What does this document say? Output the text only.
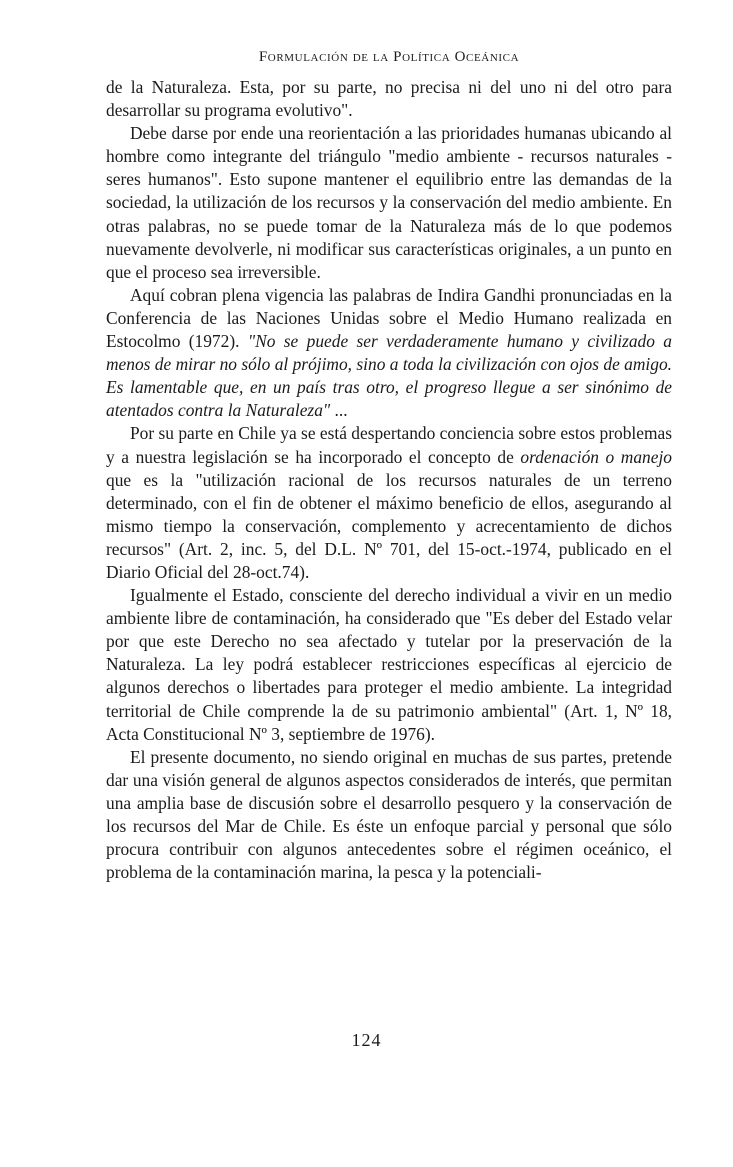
Formulación de la Política Oceánica

de la Naturaleza. Esta, por su parte, no precisa ni del uno ni del otro para desarrollar su programa evolutivo".

Debe darse por ende una reorientación a las prioridades humanas ubicando al hombre como integrante del triángulo "medio ambiente - recursos naturales - seres humanos". Esto supone mantener el equilibrio entre las demandas de la sociedad, la utilización de los recursos y la conservación del medio ambiente. En otras palabras, no se puede tomar de la Naturaleza más de lo que podemos nuevamente devolverle, ni modificar sus características originales, a un punto en que el proceso sea irreversible.

Aquí cobran plena vigencia las palabras de Indira Gandhi pronunciadas en la Conferencia de las Naciones Unidas sobre el Medio Humano realizada en Estocolmo (1972). "No se puede ser verdaderamente humano y civilizado a menos de mirar no sólo al prójimo, sino a toda la civilización con ojos de amigo. Es lamentable que, en un país tras otro, el progreso llegue a ser sinónimo de atentados contra la Naturaleza" ...

Por su parte en Chile ya se está despertando conciencia sobre estos problemas y a nuestra legislación se ha incorporado el concepto de ordenación o manejo que es la "utilización racional de los recursos naturales de un terreno determinado, con el fin de obtener el máximo beneficio de ellos, asegurando al mismo tiempo la conservación, complemento y acrecentamiento de dichos recursos" (Art. 2, inc. 5, del D.L. Nº 701, del 15-oct.-1974, publicado en el Diario Oficial del 28-oct.74).

Igualmente el Estado, consciente del derecho individual a vivir en un medio ambiente libre de contaminación, ha considerado que "Es deber del Estado velar por que este Derecho no sea afectado y tutelar por la preservación de la Naturaleza. La ley podrá establecer restricciones específicas al ejercicio de algunos derechos o libertades para proteger el medio ambiente. La integridad territorial de Chile comprende la de su patrimonio ambiental" (Art. 1, Nº 18, Acta Constitucional Nº 3, septiembre de 1976).

El presente documento, no siendo original en muchas de sus partes, pretende dar una visión general de algunos aspectos considerados de interés, que permitan una amplia base de discusión sobre el desarrollo pesquero y la conservación de los recursos del Mar de Chile. Es éste un enfoque parcial y personal que sólo procura contribuir con algunos antecedentes sobre el régimen oceánico, el problema de la contaminación marina, la pesca y la potenciali-

124
